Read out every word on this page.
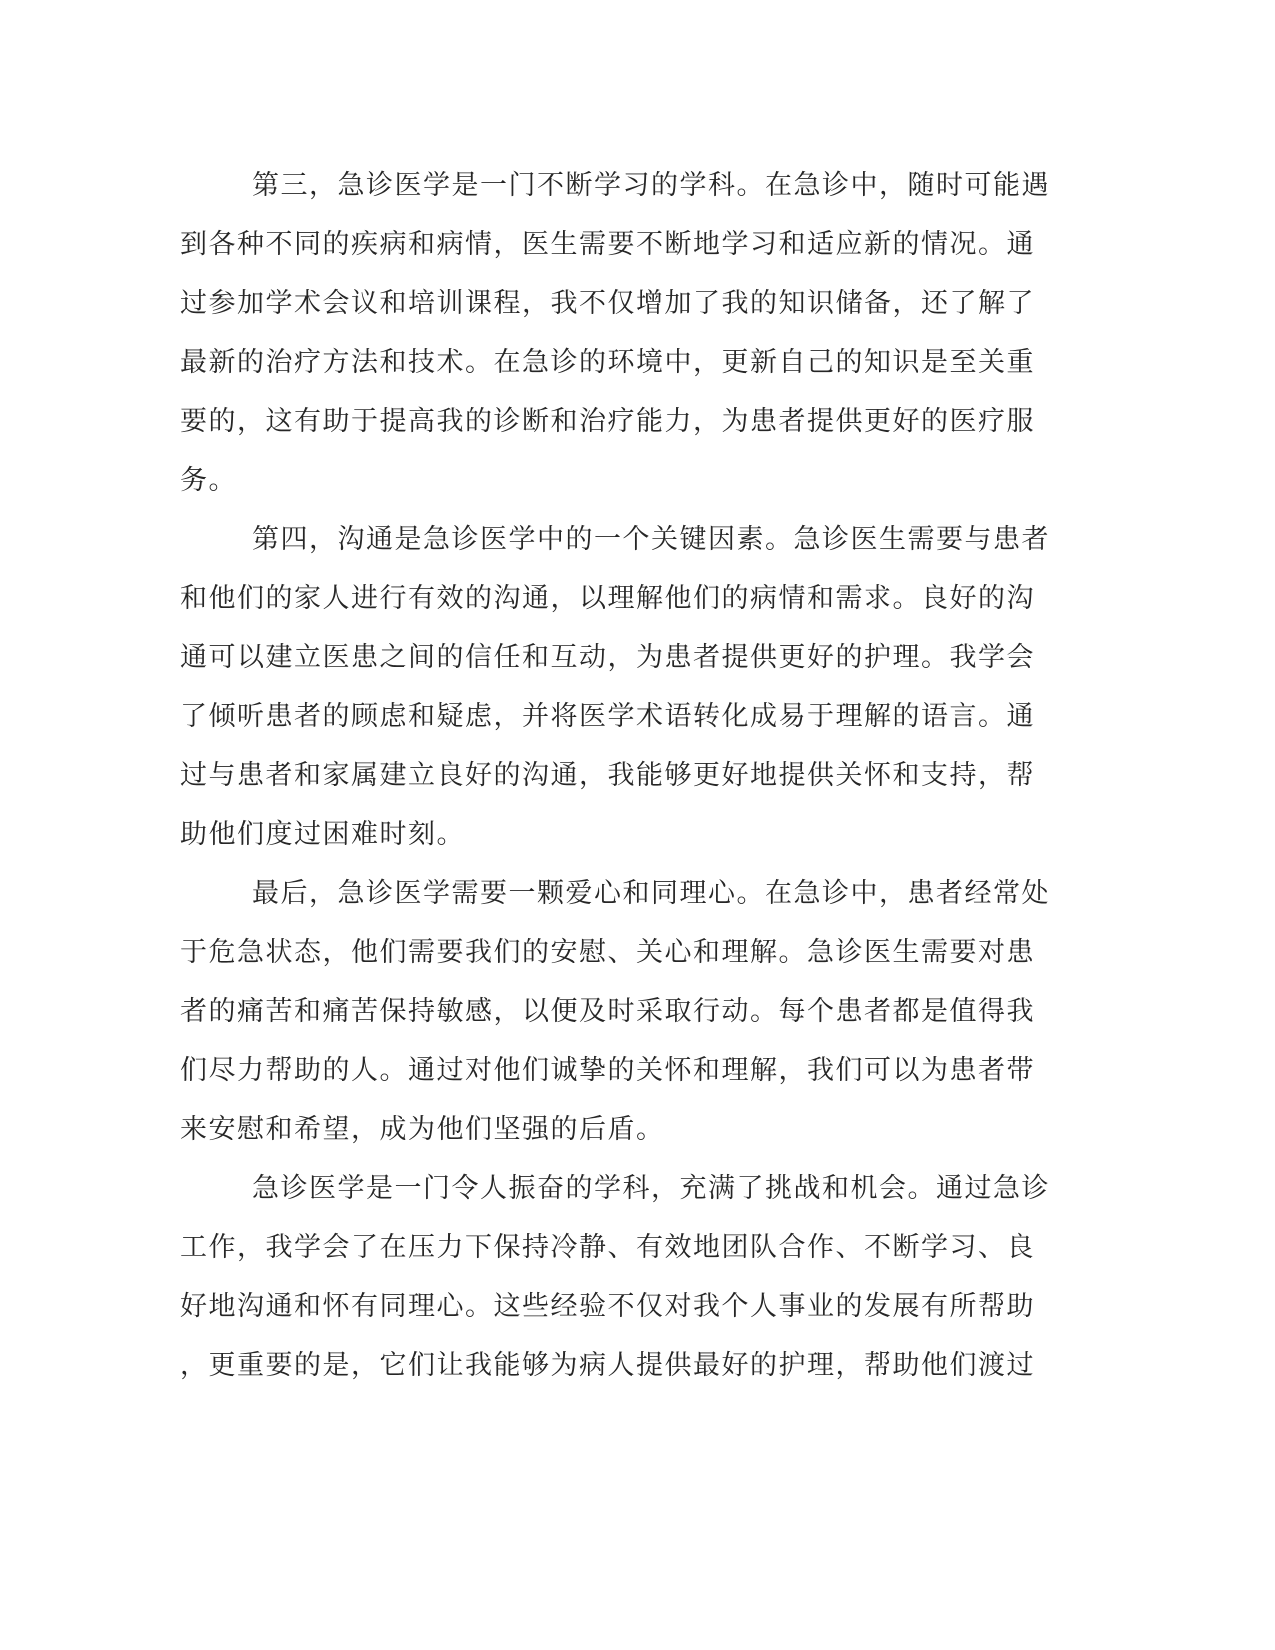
第三，急诊医学是一门不断学习的学科。在急诊中，随时可能遇
到各种不同的疾病和病情，医生需要不断地学习和适应新的情况。通
过参加学术会议和培训课程，我不仅增加了我的知识储备，还了解了
最新的治疗方法和技术。在急诊的环境中，更新自己的知识是至关重
要的，这有助于提高我的诊断和治疗能力，为患者提供更好的医疗服
务。

第四，沟通是急诊医学中的一个关键因素。急诊医生需要与患者
和他们的家人进行有效的沟通，以理解他们的病情和需求。良好的沟
通可以建立医患之间的信任和互动，为患者提供更好的护理。我学会
了倾听患者的顾虑和疑虑，并将医学术语转化成易于理解的语言。通
过与患者和家属建立良好的沟通，我能够更好地提供关怀和支持，帮
助他们度过困难时刻。

最后，急诊医学需要一颗爱心和同理心。在急诊中，患者经常处
于危急状态，他们需要我们的安慰、关心和理解。急诊医生需要对患
者的痛苦和痛苦保持敏感，以便及时采取行动。每个患者都是值得我
们尽力帮助的人。通过对他们诚挚的关怀和理解，我们可以为患者带
来安慰和希望，成为他们坚强的后盾。

急诊医学是一门令人振奋的学科，充满了挑战和机会。通过急诊
工作，我学会了在压力下保持冷静、有效地团队合作、不断学习、良
好地沟通和怀有同理心。这些经验不仅对我个人事业的发展有所帮助
，更重要的是，它们让我能够为病人提供最好的护理，帮助他们渡过
